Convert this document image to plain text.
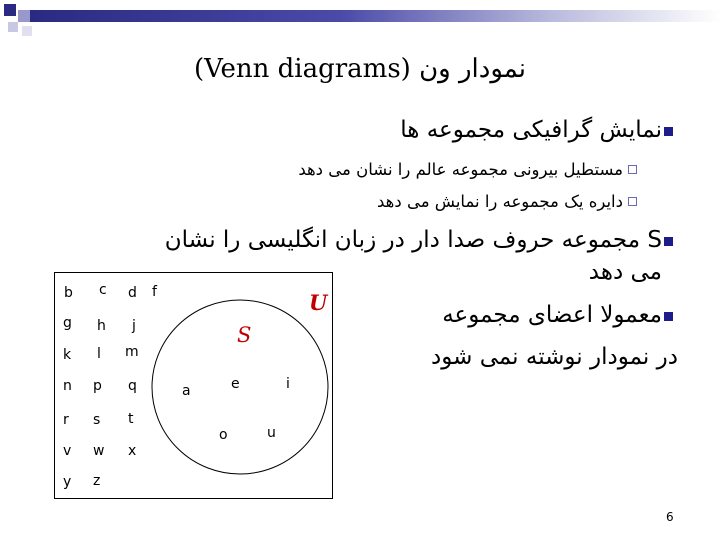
نمودار ون (Venn diagrams)
نمایش گرافیکی مجموعه ها
مستطیل بیرونی مجموعه عالم را نشان می دهد
دایره یک مجموعه را نمایش می دهد
S مجموعه حروف صدا دار در زبان انگلیسی را نشان
می دهد
معمولا اعضای مجموعه
در نمودار نوشته نمی شود
U
S
b c d f
g h j
k l m
n p q
r s t
v w x
y z
a	e	i
o	u
6
